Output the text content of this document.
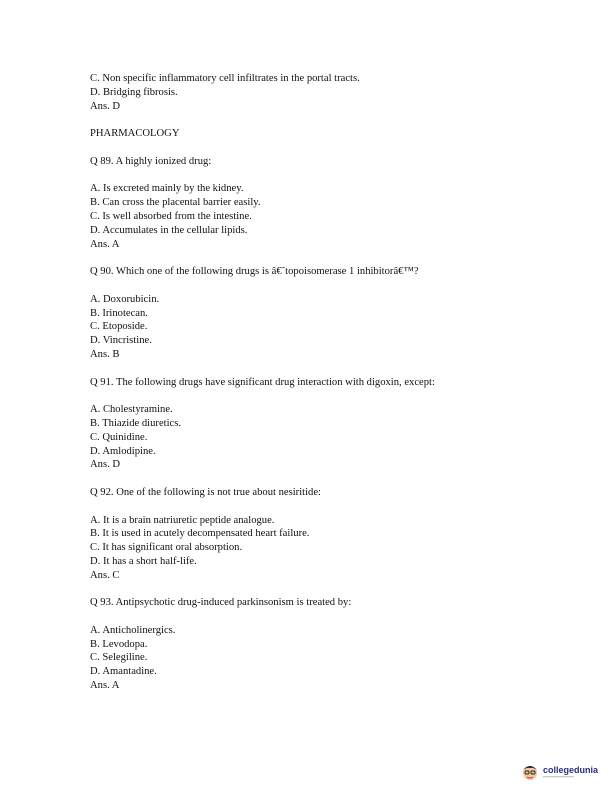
C. Non specific inflammatory cell infiltrates in the portal tracts.
D. Bridging fibrosis.
Ans. D
PHARMACOLOGY
Q 89. A highly ionized drug:
A. Is excreted mainly by the kidney.
B. Can cross the placental barrier easily.
C. Is well absorbed from the intestine.
D. Accumulates in the cellular lipids.
Ans. A
Q 90. Which one of the following drugs is â€˜topoisomerase 1 inhibitorâ€™?
A. Doxorubicin.
B. Irinotecan.
C. Etoposide.
D. Vincristine.
Ans. B
Q 91. The following drugs have significant drug interaction with digoxin, except:
A. Cholestyramine.
B. Thiazide diuretics.
C. Quinidine.
D. Amlodipine.
Ans. D
Q 92. One of the following is not true about nesiritide:
A. It is a brain natriuretic peptide analogue.
B. It is used in acutely decompensated heart failure.
C. It has significant oral absorption.
D. It has a short half-life.
Ans. C
Q 93. Antipsychotic drug-induced parkinsonism is treated by:
A. Anticholinergics.
B. Levodopa.
C. Selegiline.
D. Amantadine.
Ans. A
collegedunia
━━━━━━━━━━━━━━━━━
